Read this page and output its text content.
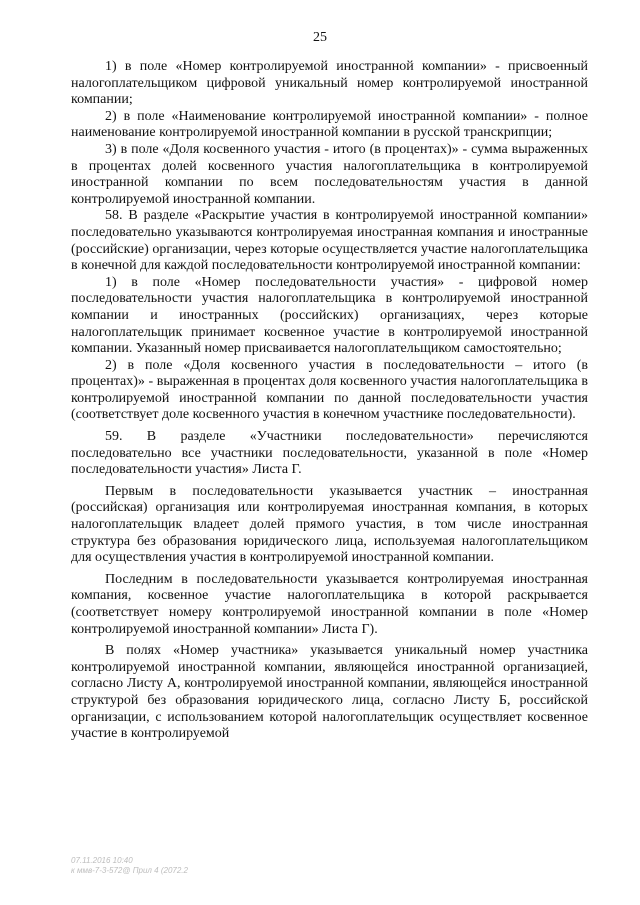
25

1) в поле «Номер контролируемой иностранной компании» - присвоенный налогоплательщиком цифровой уникальный номер контролируемой иностранной компании;

2) в поле «Наименование контролируемой иностранной компании» - полное наименование контролируемой иностранной компании в русской транскрипции;

3) в поле «Доля косвенного участия - итого (в процентах)» - сумма выраженных в процентах долей косвенного участия налогоплательщика в контролируемой иностранной компании по всем последовательностям участия в данной контролируемой иностранной компании.

58. В разделе «Раскрытие участия в контролируемой иностранной компании» последовательно указываются контролируемая иностранная компания и иностранные (российские) организации, через которые осуществляется участие налогоплательщика в конечной для каждой последовательности контролируемой иностранной компании:

1) в поле «Номер последовательности участия» - цифровой номер последовательности участия налогоплательщика в контролируемой иностранной компании и иностранных (российских) организациях, через которые налогоплательщик принимает косвенное участие в контролируемой иностранной компании. Указанный номер присваивается налогоплательщиком самостоятельно;

2) в поле «Доля косвенного участия в последовательности – итого (в процентах)» - выраженная в процентах доля косвенного участия налогоплательщика в контролируемой иностранной компании по данной последовательности участия (соответствует доле косвенного участия в конечном участнике последовательности).

59. В разделе «Участники последовательности» перечисляются последовательно все участники последовательности, указанной в поле «Номер последовательности участия» Листа Г.

Первым в последовательности указывается участник – иностранная (российская) организация или контролируемая иностранная компания, в которых налогоплательщик владеет долей прямого участия, в том числе иностранная структура без образования юридического лица, используемая налогоплательщиком для осуществления участия в контролируемой иностранной компании.

Последним в последовательности указывается контролируемая иностранная компания, косвенное участие налогоплательщика в которой раскрывается (соответствует номеру контролируемой иностранной компании в поле «Номер контролируемой иностранной компании» Листа Г).

В полях «Номер участника» указывается уникальный номер участника контролируемой иностранной компании, являющейся иностранной организацией, согласно Листу А, контролируемой иностранной компании, являющейся иностранной структурой без образования юридического лица, согласно Листу Б, российской организации, с использованием которой налогоплательщик осуществляет косвенное участие в контролируемой

07.11.2016 10:40
к ммв-7-3-572@ Прил 4 (2072.2
